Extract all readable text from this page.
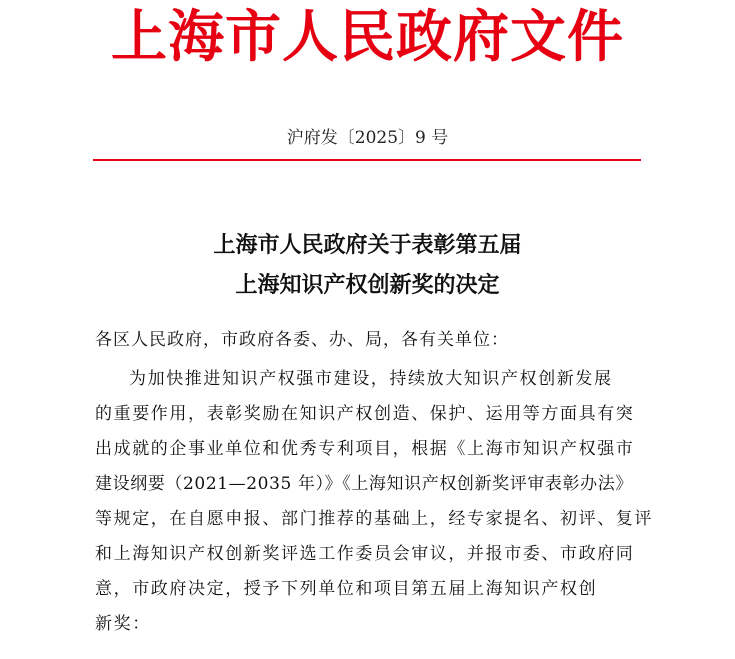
上海市人民政府文件
沪府发〔2025〕9 号
上海市人民政府关于表彰第五届
上海知识产权创新奖的决定
各区人民政府，市政府各委、办、局，各有关单位：
为加快推进知识产权强市建设，持续放大知识产权创新发展
的重要作用，表彰奖励在知识产权创造、保护、运用等方面具有突
出成就的企事业单位和优秀专利项目，根据《上海市知识产权强市
建设纲要（2021—2035 年）》《上海知识产权创新奖评审表彰办法》
等规定，在自愿申报、部门推荐的基础上，经专家提名、初评、复评
和上海知识产权创新奖评选工作委员会审议，并报市委、市政府同
意，市政府决定，授予下列单位和项目第五届上海知识产权创
新奖：
